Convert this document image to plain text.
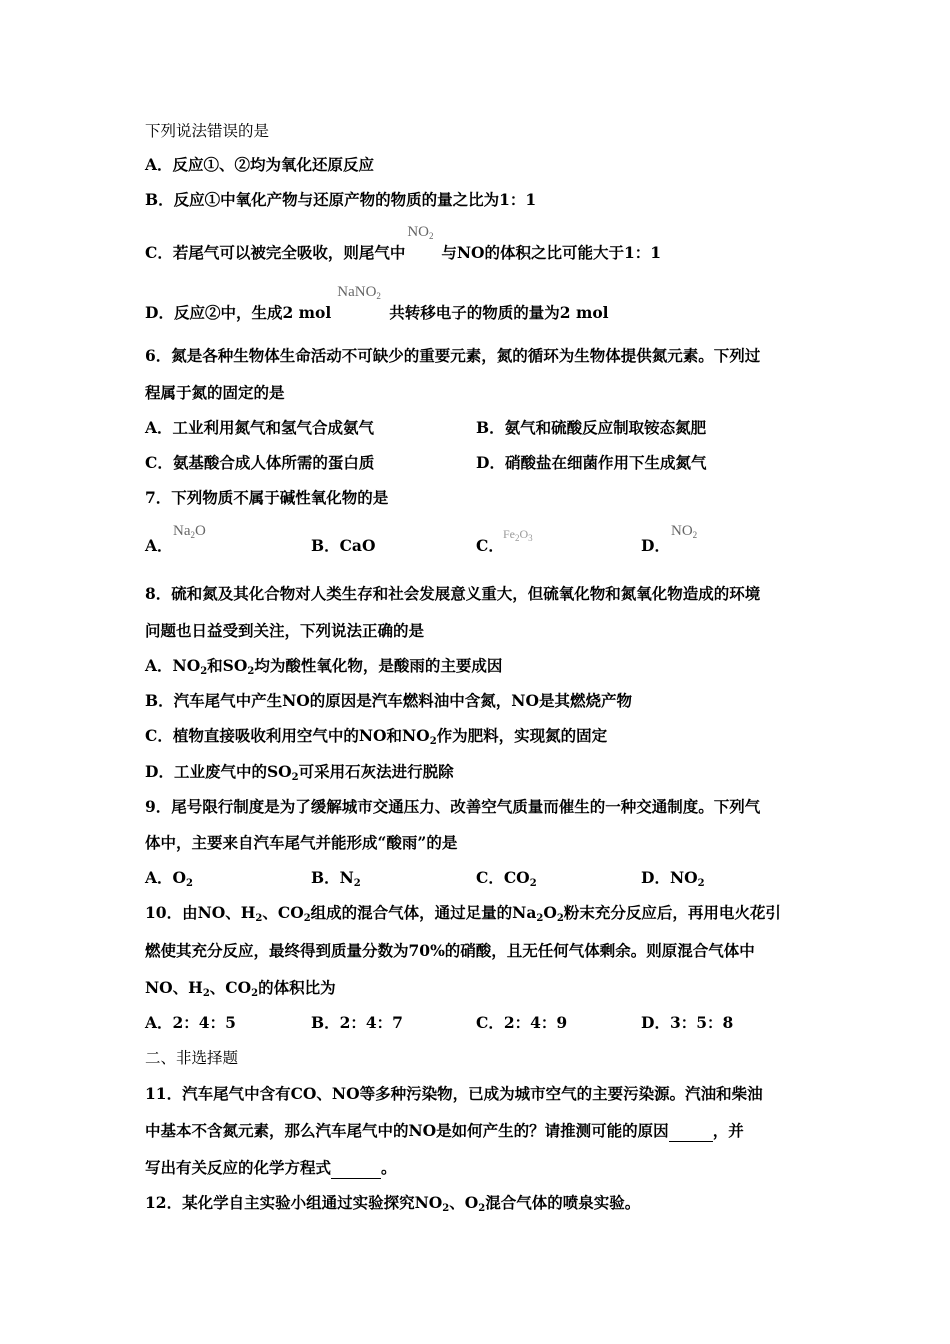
下列说法错误的是
A．反应①、②均为氧化还原反应
B．反应①中氧化产物与还原产物的物质的量之比为1：1
C．若尾气可以被完全吸收，则尾气中
$NO_2$
与NO的体积之比可能大于1：1
D．反应②中，生成2 mol
NaNO$_2$
共转移电子的物质的量为2 mol
6．氮是各种生物体生命活动不可缺少的重要元素，氮的循环为生物体提供氮元素。下列过
程属于氮的固定的是
A．工业利用氮气和氢气合成氨气	B．氨气和硫酸反应制取铵态氮肥
C．氨基酸合成人体所需的蛋白质	D．硝酸盐在细菌作用下生成氮气
7．下列物质不属于碱性氧化物的是
A．
$Na_2O$
B．CaO	C．
$Fe_2O_3$	D．
$NO_2$
8．硫和氮及其化合物对人类生存和社会发展意义重大，但硫氧化物和氮氧化物造成的环境
问题也日益受到关注，下列说法正确的是
A．NO2和SO2均为酸性氧化物，是酸雨的主要成因
B．汽车尾气中产生NO的原因是汽车燃料油中含氮，NO是其燃烧产物
C．植物直接吸收利用空气中的NO和NO2作为肥料，实现氮的固定
D．工业废气中的SO2可采用石灰法进行脱除
9．尾号限行制度是为了缓解城市交通压力、改善空气质量而催生的一种交通制度。下列气
体中，主要来自汽车尾气并能形成“酸雨”的是
A．O2	B．N2	C．CO2	D．NO2
10．由NO、H2、CO2组成的混合气体，通过足量的Na2O2粉末充分反应后，再用电火花引
燃使其充分反应，最终得到质量分数为70%的硝酸，且无任何气体剩余。则原混合气体中
NO、H2、CO2的体积比为
A．2：4：5	B．2：4：7	C．2：4：9	D．3：5：8
二、非选择题
11．汽车尾气中含有CO、NO等多种污染物，已成为城市空气的主要污染源。汽油和柴油
中基本不含氮元素，那么汽车尾气中的NO是如何产生的？请推测可能的原因	，并
写出有关反应的化学方程式	。
12．某化学自主实验小组通过实验探究NO2、O2混合气体的喷泉实验。
